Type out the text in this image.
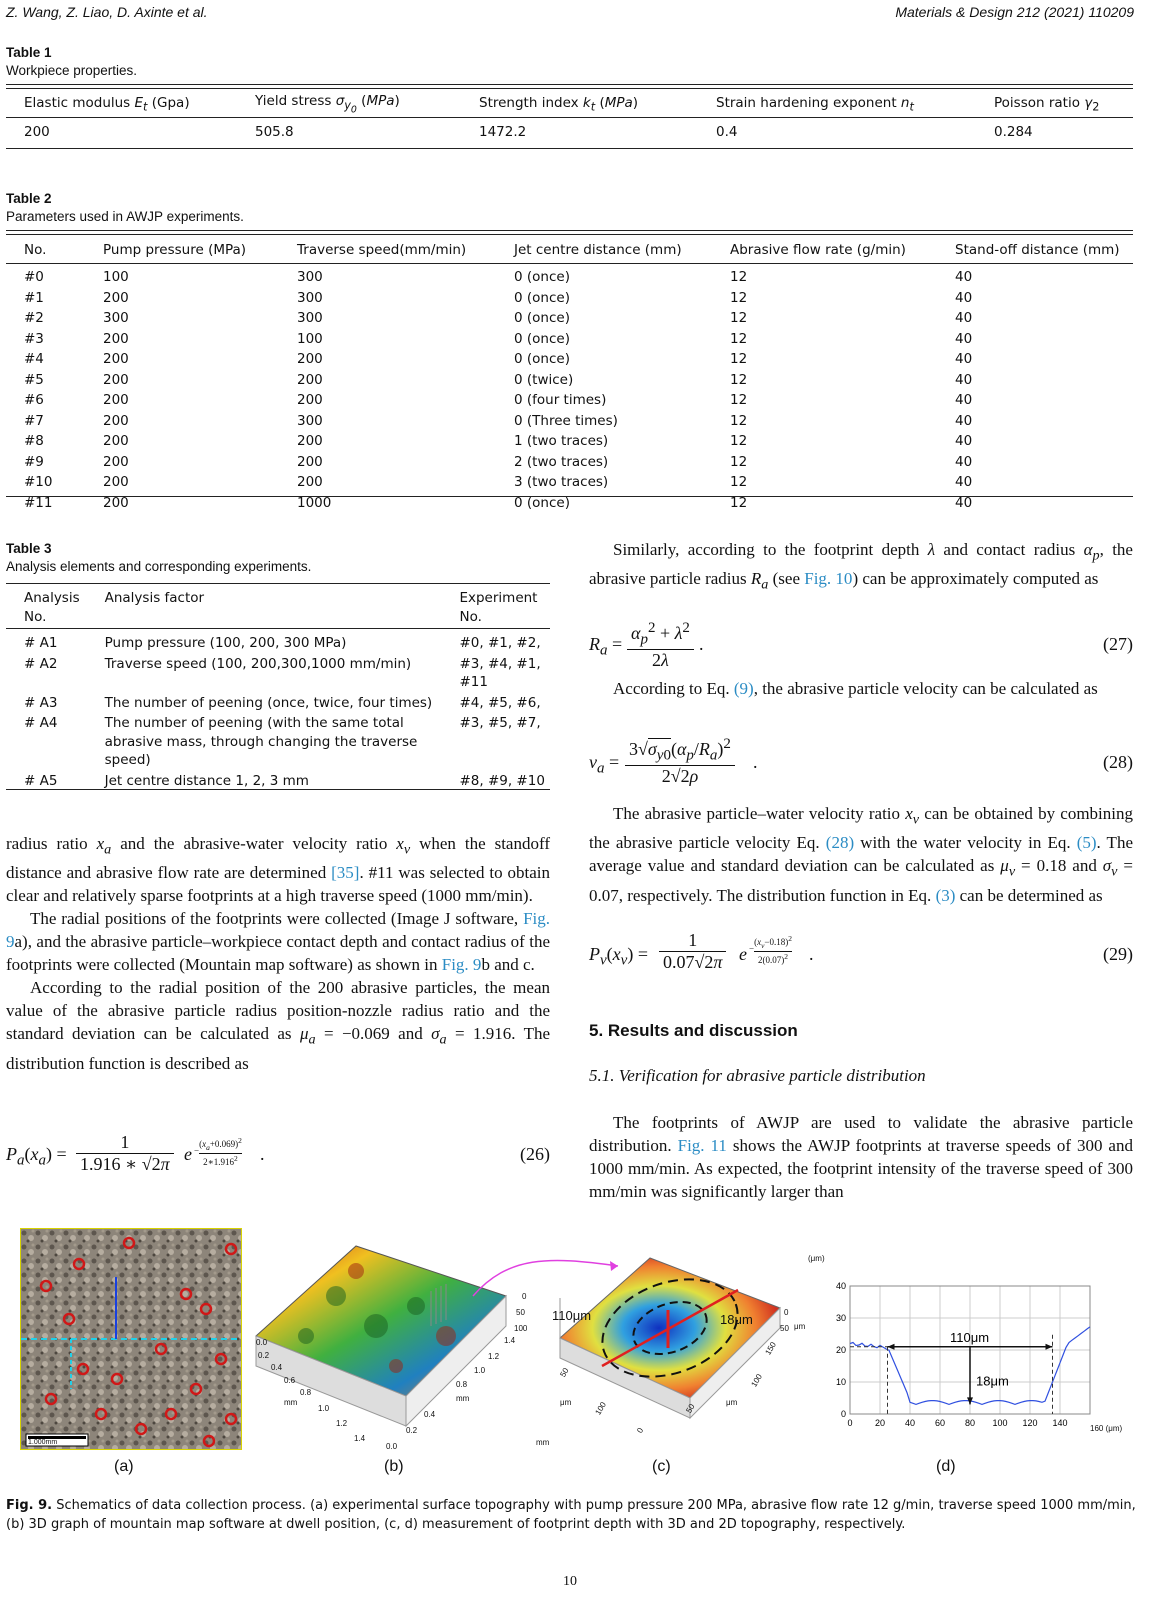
Z. Wang, Z. Liao, D. Axinte et al.	Materials & Design 212 (2021) 110209
Table 1
Workpiece properties.
Elastic modulus $E_t$ (Gpa)	Yield stress $\sigma_{y_0}$ (MPa)	Strength index $k_t$ (MPa)	Strain hardening exponent $n_t$	Poisson ratio $\gamma_2$
200	505.8	1472.2	0.4	0.284
Table 2
Parameters used in AWJP experiments.
No.	Pump pressure (MPa)	Traverse speed(mm/min)	Jet centre distance (mm)	Abrasive flow rate (g/min)	Stand-off distance (mm)
#0	100	300	0 (once)	12	40
#1	200	300	0 (once)	12	40
#2	300	300	0 (once)	12	40
#3	200	100	0 (once)	12	40
#4	200	200	0 (once)	12	40
#5	200	200	0 (twice)	12	40
#6	200	200	0 (four times)	12	40
#7	200	300	0 (Three times)	12	40
#8	200	200	1 (two traces)	12	40
#9	200	200	2 (two traces)	12	40
#10	200	200	3 (two traces)	12	40
#11	200	1000	0 (once)	12	40
Table 3
Analysis elements and corresponding experiments.
Analysis No.	Analysis factor	Experiment No.
# A1	Pump pressure (100, 200, 300 MPa)	#0, #1, #2,
# A2	Traverse speed (100, 200,300,1000 mm/min)	#3, #4, #1, #11
# A3	The number of peening (once, twice, four times)	#4, #5, #6,
# A4	The number of peening (with the same total abrasive mass, through changing the traverse speed)	#3, #5, #7,
# A5	Jet centre distance 1, 2, 3 mm	#8, #9, #10

radius ratio $x_a$ and the abrasive-water velocity ratio $x_v$ when the standoff distance and abrasive flow rate are determined [35]. #11 was selected to obtain clear and relatively sparse footprints at a high traverse speed (1000 mm/min).

The radial positions of the footprints were collected (Image J software, Fig. 9a), and the abrasive particle–workpiece contact depth and contact radius of the footprints were collected (Mountain map software) as shown in Fig. 9b and c.

According to the radial position of the 200 abrasive particles, the mean value of the abrasive particle radius position-nozzle radius ratio and the standard deviation can be calculated as $\mu_a = -0.069$ and $\sigma_a = 1.916$. The distribution function is described as

$P_a(x_a) = \frac{1}{1.916 ∗ √2\pi}$ $e - \frac{(x_a+0.069)^2}{2∗1.916^2}$ .	(26)

Similarly, according to the footprint depth λ and contact radius $\alpha_p$, the abrasive particle radius $R_a$ (see Fig. 10) can be approximately computed as

$R_a = \frac{\alpha_p^2 + \lambda^2}{2\lambda}$ .	(27)

According to Eq. (9), the abrasive particle velocity can be calculated as

$v_a = \frac{3√\sigma_{y0}(\alpha_p/R_a)^2}{2√2\rho}$ .	(28)

The abrasive particle–water velocity ratio $x_v$ can be obtained by combining the abrasive particle velocity Eq. (28) with the water velocity in Eq. (5). The average value and standard deviation can be calculated as $\mu_v = 0.18$ and $\sigma_v = 0.07$, respectively. The distribution function in Eq. (3) can be determined as

$P_v(x_v) = \frac{1}{0.07√2\pi}$ $e - \frac{(x_v-0.18)^2}{2(0.07)^2}$ .	(29)
5. Results and discussion
5.1. Verification for abrasive particle distribution

The footprints of AWJP are used to validate the abrasive particle distribution. Fig. 11 shows the AWJP footprints at traverse speeds of 300 and 1000 mm/min. As expected, the footprint intensity of the traverse speed of 300 mm/min was significantly larger than

1.000mm
(a)
0.0
0.2
0.4
0.6
0.8
mm
1.0
1.2
1.4
0.0
0.2
0.4
mm
0.8
1.0
1.2
1.4
0
50
100
(b)
110μm	18μm	0
50 μm
50
μm	100	50	μm
100
150
0
mm
(c)
40
30
20
10
0
0 20 40 60 80 100 120 140
110μm
18μm
(μm)
160 (μm)
(d)
Fig. 9. Schematics of data collection process. (a) experimental surface topography with pump pressure 200 MPa, abrasive flow rate 12 g/min, traverse speed 1000 mm/min, (b) 3D graph of mountain map software at dwell position, (c, d) measurement of footprint depth with 3D and 2D topography, respectively.
10
